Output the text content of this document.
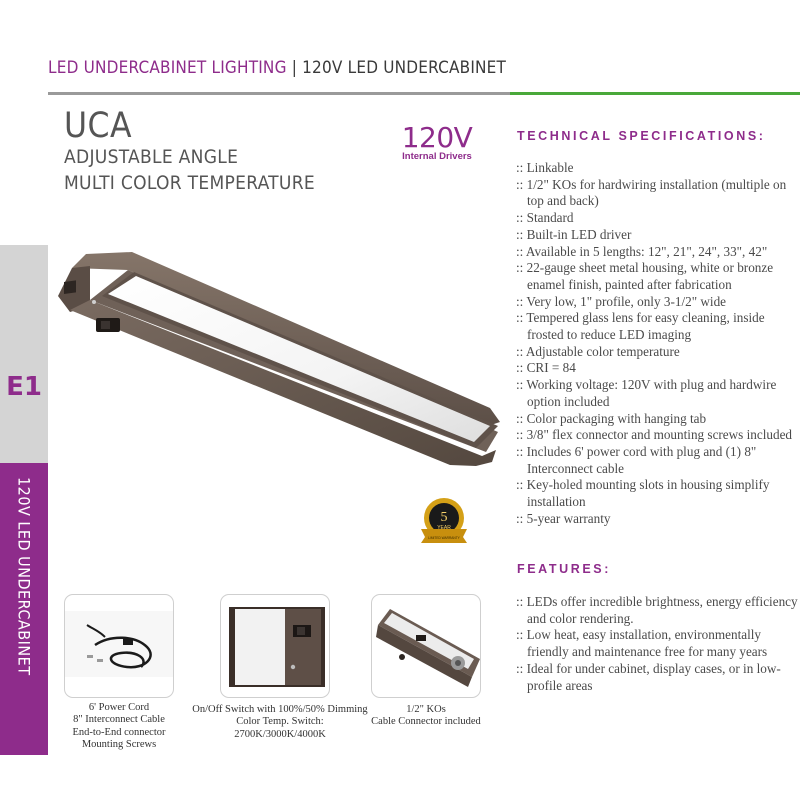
LED UNDERCABINET LIGHTING | 120V LED UNDERCABINET
E1
120V LED UNDERCABINET
UCA
ADJUSTABLE ANGLE
MULTI COLOR TEMPERATURE
120V
Internal Drivers
5
YEAR
LIMITED WARRANTY
TECHNICAL SPECIFICATIONS:
:: Linkable
:: 1/2" KOs for hardwiring installation (multiple on top and back)
:: Standard
:: Built-in LED driver
:: Available in 5 lengths: 12", 21", 24", 33", 42"
:: 22-gauge sheet metal housing, white or bronze enamel finish, painted after fabrication
:: Very low, 1" profile, only 3-1/2" wide
:: Tempered glass lens for easy cleaning, inside frosted to reduce LED imaging
:: Adjustable color temperature
:: CRI = 84
:: Working voltage: 120V with plug and hardwire option included
:: Color packaging with hanging tab
:: 3/8" flex connector and mounting screws included
:: Includes 6' power cord with plug and (1) 8" Interconnect cable
:: Key-holed mounting slots in housing simplify installation
:: 5-year warranty
FEATURES:
:: LEDs offer incredible brightness, energy efficiency and color rendering.
:: Low heat, easy installation, environmentally friendly and maintenance free for many years
:: Ideal for under cabinet, display cases, or in low-profile areas
6' Power Cord
8" Interconnect Cable
End-to-End connector
Mounting Screws
On/Off Switch with 100%/50% Dimming
Color Temp. Switch:
2700K/3000K/4000K
1/2" KOs
Cable Connector included
